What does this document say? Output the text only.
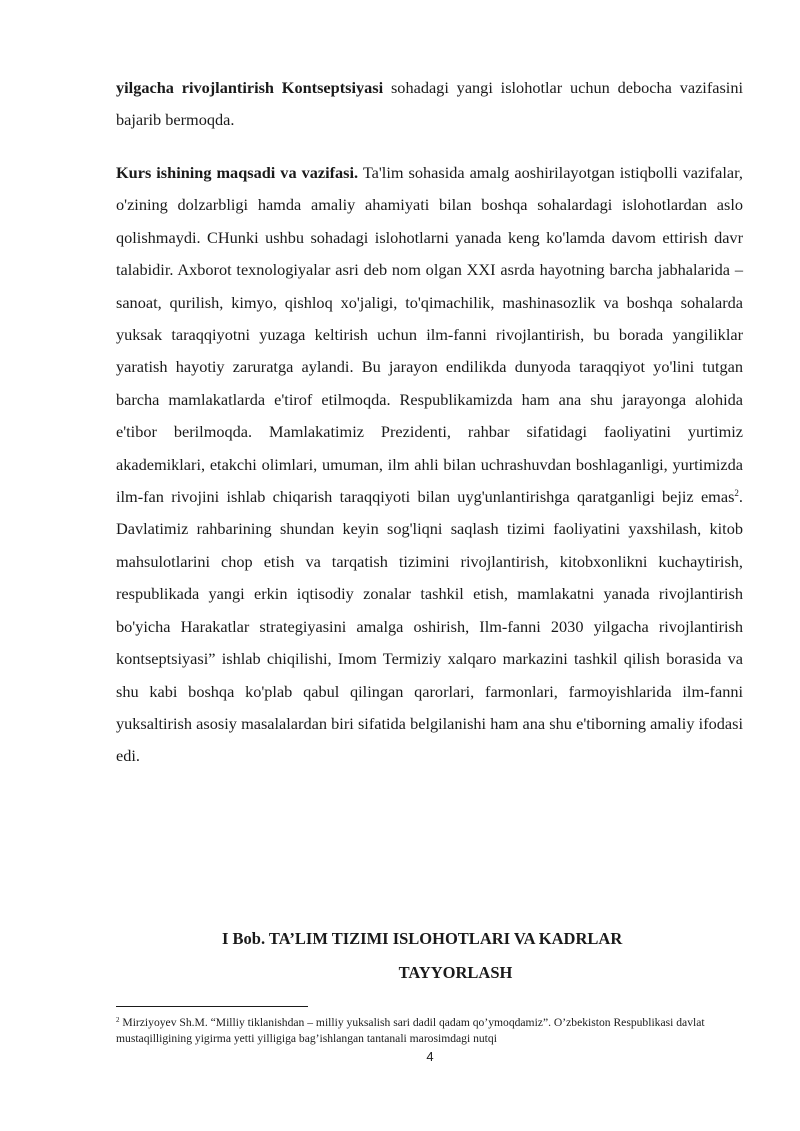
yilgacha rivojlantirish Kontseptsiyasi sohadagi yangi islohotlar uchun debocha vazifasini bajarib bermoqda.

Kurs ishining maqsadi va vazifasi. Ta'lim sohasida amalg aoshirilayotgan istiqbolli vazifalar, o'zining dolzarbligi hamda amaliy ahamiyati bilan boshqa sohalardagi islohotlardan aslo qolishmaydi. CHunki ushbu sohadagi islohotlarni yanada keng ko'lamda davom ettirish davr talabidir. Axborot texnologiyalar asri deb nom olgan XXI asrda hayotning barcha jabhalarida – sanoat, qurilish, kimyo, qishloq xo'jaligi, to'qimachilik, mashinasozlik va boshqa sohalarda yuksak taraqqiyotni yuzaga keltirish uchun ilm-fanni rivojlantirish, bu borada yangiliklar yaratish hayotiy zaruratga aylandi. Bu jarayon endilikda dunyoda taraqqiyot yo'lini tutgan barcha mamlakatlarda e'tirof etilmoqda. Respublikamizda ham ana shu jarayonga alohida e'tibor berilmoqda. Mamlakatimiz Prezidenti, rahbar sifatidagi faoliyatini yurtimiz akademiklari, etakchi olimlari, umuman, ilm ahli bilan uchrashuvdan boshlaganligi, yurtimizda ilm-fan rivojini ishlab chiqarish taraqqiyoti bilan uyg'unlantirishga qaratganligi bejiz emas$^2$. Davlatimiz rahbarining shundan keyin sog'liqni saqlash tizimi faoliyatini yaxshilash, kitob mahsulotlarini chop etish va tarqatish tizimini rivojlantirish, kitobxonlikni kuchaytirish, respublikada yangi erkin iqtisodiy zonalar tashkil etish, mamlakatni yanada rivojlantirish bo'yicha Harakatlar strategiyasini amalga oshirish, Ilm-fanni 2030 yilgacha rivojlantirish kontseptsiyasi” ishlab chiqilishi, Imom Termiziy xalqaro markazini tashkil qilish borasida va shu kabi boshqa ko'plab qabul qilingan qarorlari, farmonlari, farmoyishlarida ilm-fanni yuksaltirish asosiy masalalardan biri sifatida belgilanishi ham ana shu e'tiborning amaliy ifodasi edi.

I Bob. TA’LIM TIZIMI ISLOHOTLARI VA KADRLAR
TAYYORLASH

$^2$ Mirziyoyev Sh.M. “Milliy tiklanishdan – milliy yuksalish sari dadil qadam qo’ymoqdamiz”. O’zbekiston Respublikasi davlat mustaqilligining yigirma yetti yilligiga bag’ishlangan tantanali marosimdagi nutqi

4
